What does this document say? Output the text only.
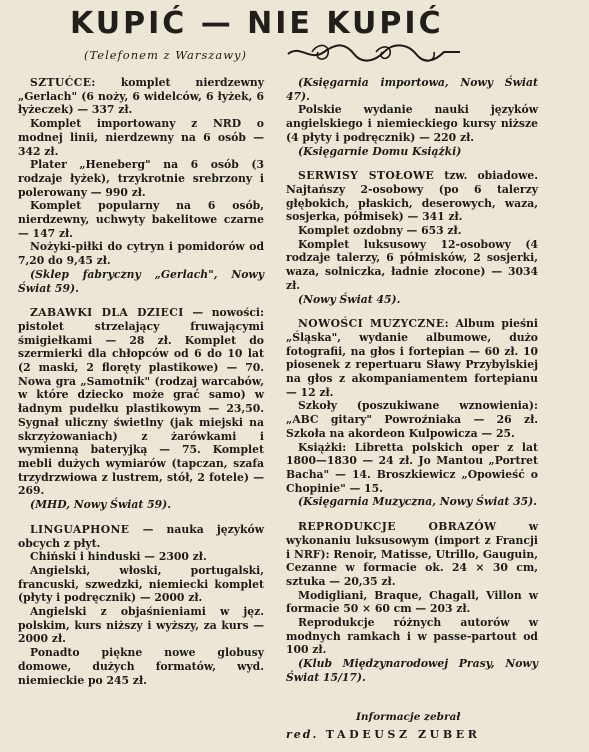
KUPIĆ — NIE KUPIĆ
(Telefonem z Warszawy)

SZTUĆCE: komplet nierdzewny „Gerlach" (6 noży, 6 widelców, 6 łyżek, 6 łyżeczek) — 337 zł.

Komplet importowany z NRD o modnej linii, nierdzewny na 6 osób — 342 zł.

Plater „Heneberg" na 6 osób (3 rodzaje łyżek), trzykrotnie srebrzony i polerowany — 990 zł.

Komplet popularny na 6 osób, nierdzewny, uchwyty bakelitowe czarne — 147 zł.

Nożyki-piłki do cytryn i pomidorów od 7,20 do 9,45 zł.

(Sklep fabryczny „Gerlach", Nowy Świat 59).

ZABAWKI DLA DZIECI — nowości: pistolet strzelający fruwającymi śmigiełkami — 28 zł. Komplet do szermierki dla chłopców od 6 do 10 lat (2 maski, 2 floręty plastikowe) — 70. Nowa gra „Samotnik" (rodzaj warcabów, w które dziecko może grać samo) w ładnym pudełku plastikowym — 23,50. Sygnał uliczny świetlny (jak miejski na skrzyżowaniach) z żarówkami i wymienną bateryjką — 75. Komplet mebli dużych wymiarów (tapczan, szafa trzydrzwiowa z lustrem, stół, 2 fotele) — 269.

(MHD, Nowy Świat 59).

LINGUAPHONE — nauka języków obcych z płyt.

Chiński i hinduski — 2300 zł.

Angielski, włoski, portugalski, francuski, szwedzki, niemiecki komplet (płyty i podręcznik) — 2000 zł.

Angielski z objaśnieniami w jęz. polskim, kurs niższy i wyższy, za kurs — 2000 zł.

Ponadto piękne nowe globusy domowe, dużych formatów, wyd. niemieckie po 245 zł.

(Księgarnia importowa, Nowy Świat 47).

Polskie wydanie nauki języków angielskiego i niemieckiego kursy niższe (4 płyty i podręcznik) — 220 zł.

(Księgarnie Domu Książki)

SERWISY STOŁOWE tzw. obiadowe. Najtańszy 2-osobowy (po 6 talerzy głębokich, płaskich, deserowych, waza, sosjerka, półmisek) — 341 zł.

Komplet ozdobny — 653 zł.

Komplet luksusowy 12-osobowy (4 rodzaje talerzy, 6 półmisków, 2 sosjerki, waza, solniczka, ładnie złocone) — 3034 zł.

(Nowy Świat 45).

NOWOŚCI MUZYCZNE: Album pieśni „Śląska", wydanie albumowe, dużo fotografii, na głos i fortepian — 60 zł. 10 piosenek z repertuaru Sławy Przybylskiej na głos z akompaniamentem fortepianu — 12 zł.

Szkoły (poszukiwane wznowienia): „ABC gitary" Powroźniaka — 26 zł. Szkoła na akordeon Kulpowicza — 25.

Książki: Libretta polskich oper z lat 1800—1830 — 24 zł. Jo Mantou „Portret Bacha" — 14. Broszkiewicz „Opowieść o Chopinie" — 15.

(Księgarnia Muzyczna, Nowy Świat 35).

REPRODUKCJE OBRAZÓW	w wykonaniu luksusowym (import z Francji i NRF): Renoir, Matisse, Utrillo, Gauguin, Cezanne w formacie ok. 24 × 30 cm, sztuka — 20,35 zł.

Modigliani, Braque, Chagall, Villon w formacie 50 × 60 cm — 203 zł.

Reprodukcje różnych autorów w modnych ramkach i w passe-partout od 100 zł.

(Klub Międzynarodowej Prasy, Nowy Świat 15/17).

Informacje zebrał
red. TADEUSZ ZUBER
